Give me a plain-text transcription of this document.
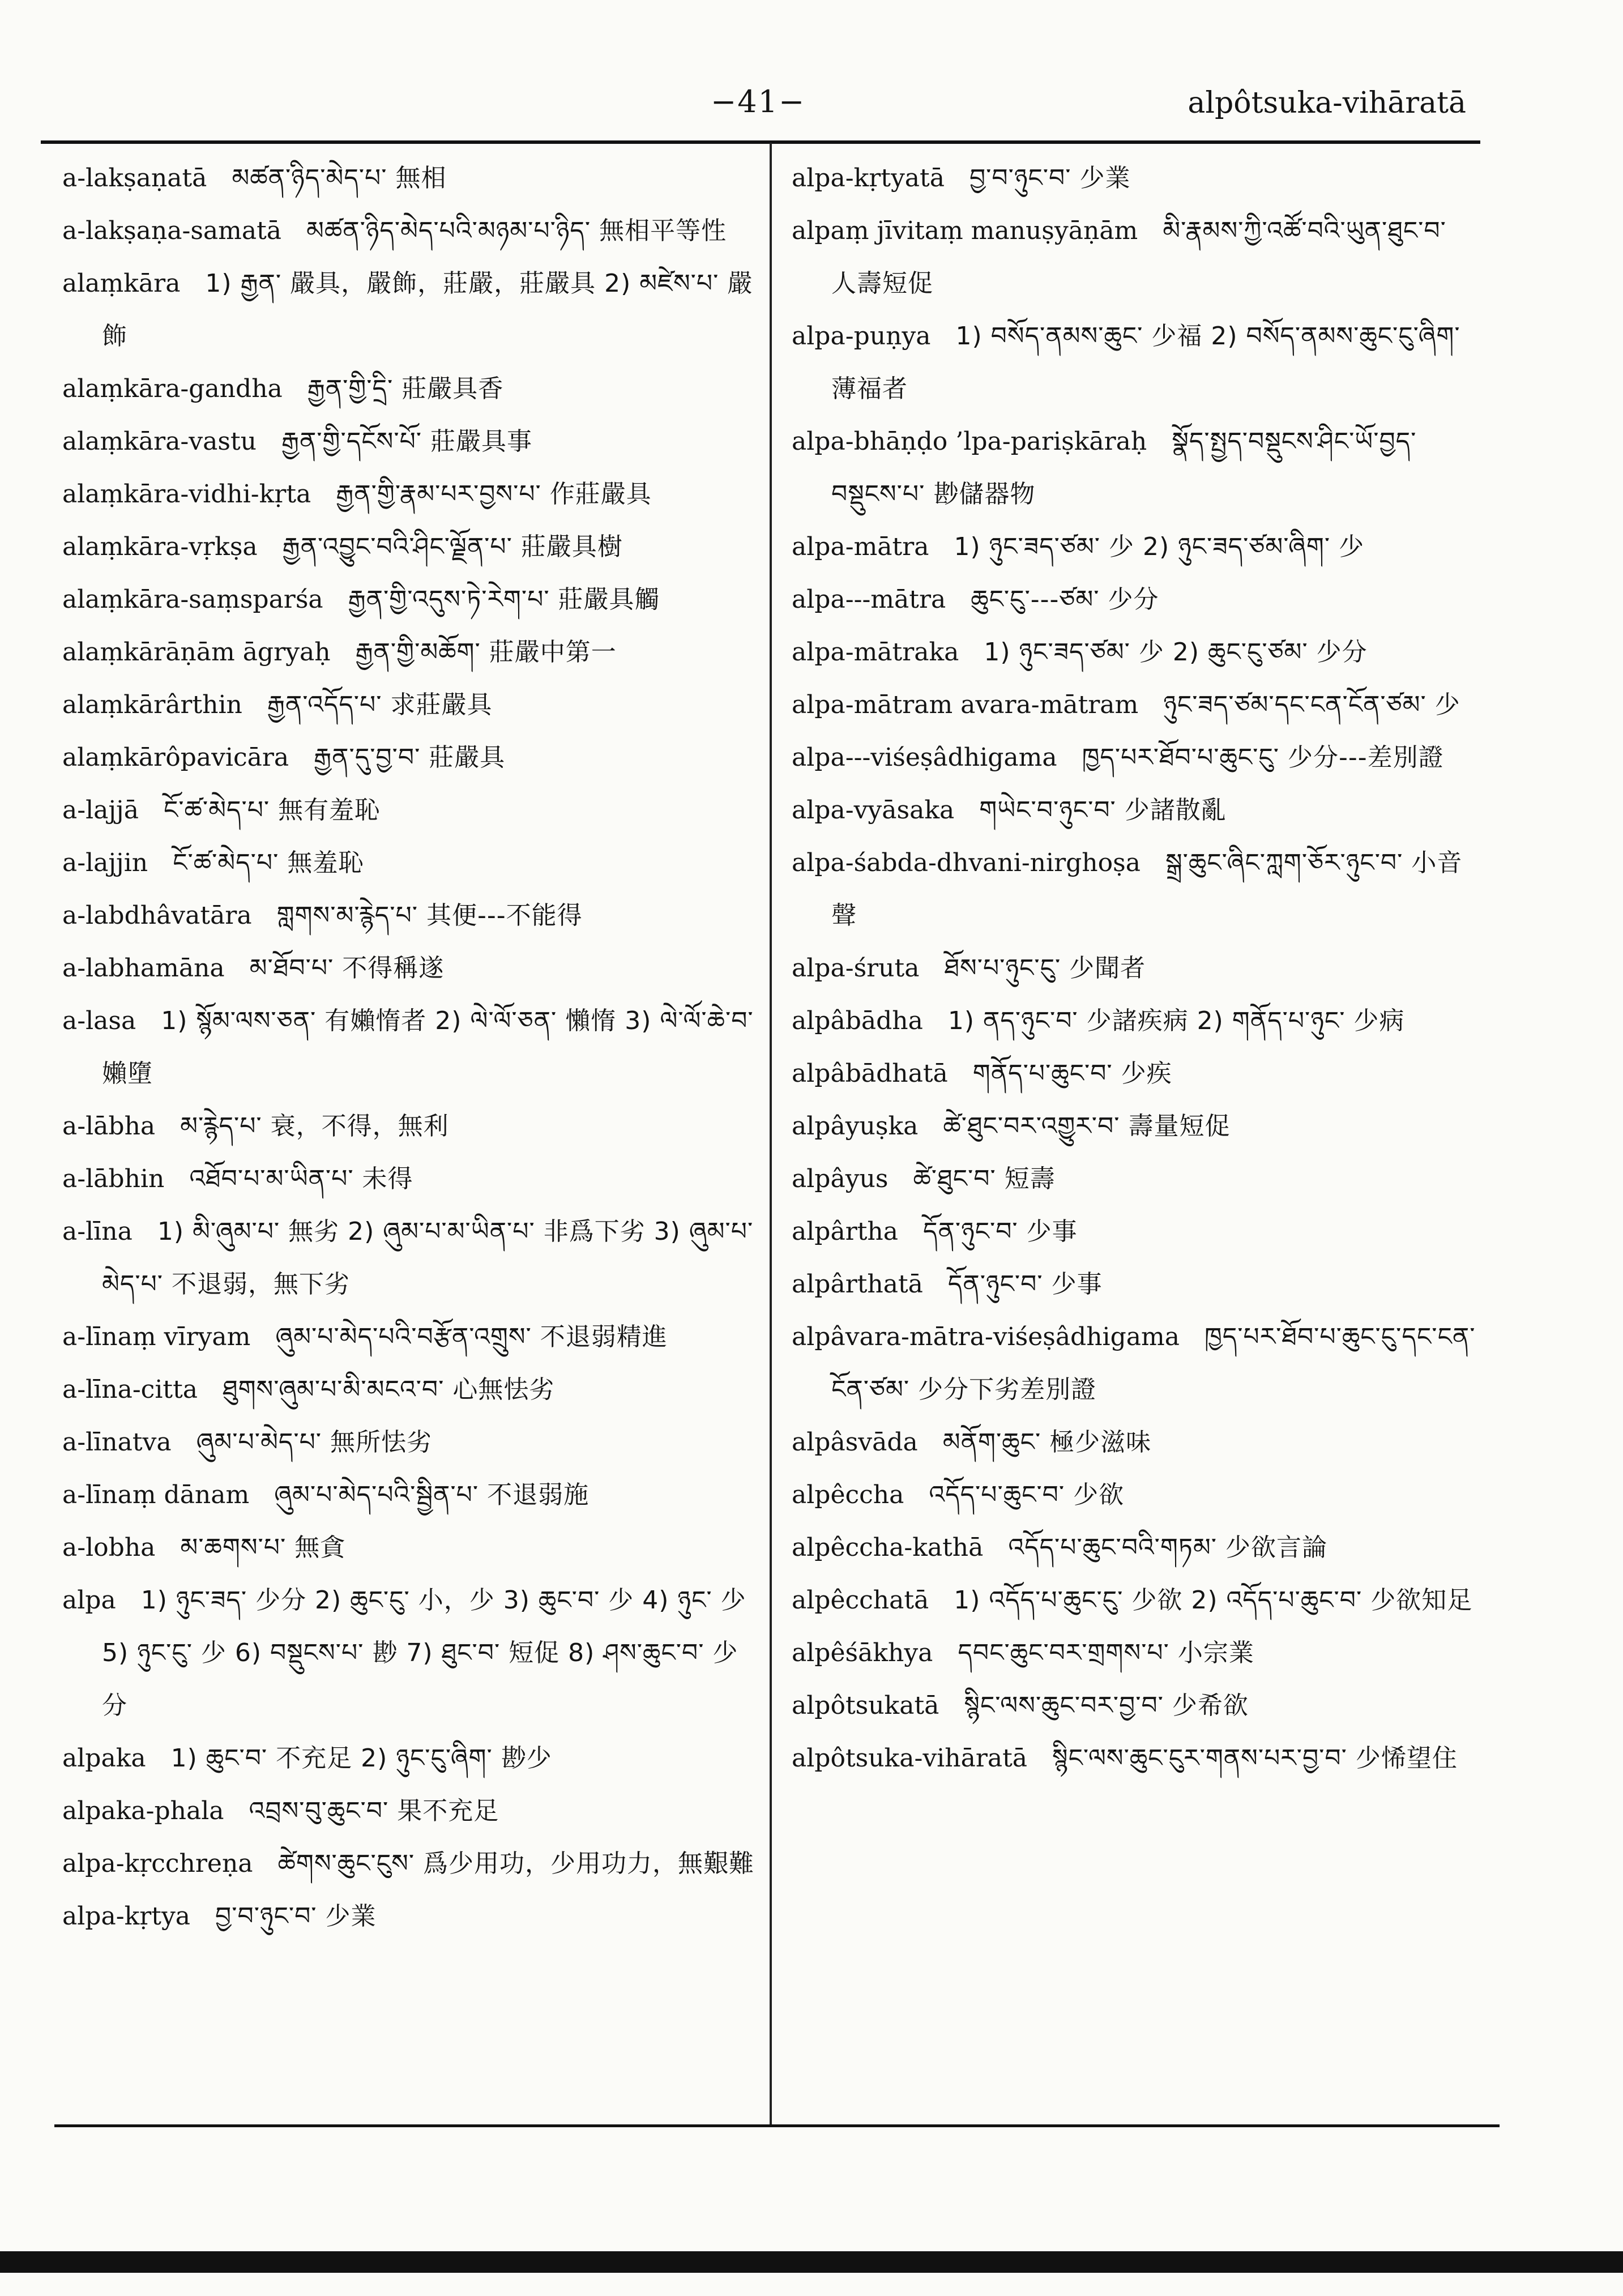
−41−	alpôtsuka-vihāratā
a-lakṣaṇatā  མཚན་ཉིད་མེད་པ་ 無相
a-lakṣaṇa-samatā  མཚན་ཉིད་མེད་པའི་མཉམ་པ་ཉིད་ 無相平等性
alaṃkāra  1) རྒྱན་ 嚴具，嚴飾，莊嚴，莊嚴具 2) མཛེས་པ་ 嚴飾
alaṃkāra-gandha  རྒྱན་གྱི་དྲི་ 莊嚴具香
alaṃkāra-vastu  རྒྱན་གྱི་དངོས་པོ་ 莊嚴具事
alaṃkāra-vidhi-kṛta  རྒྱན་གྱི་རྣམ་པར་བྱས་པ་ 作莊嚴具
alaṃkāra-vṛkṣa  རྒྱན་འབྱུང་བའི་ཤིང་ལྗོན་པ་ 莊嚴具樹
alaṃkāra-saṃsparśa  རྒྱན་གྱི་འདུས་ཏེ་རེག་པ་ 莊嚴具觸
alaṃkārāṇām āgryaḥ  རྒྱན་གྱི་མཆོག་ 莊嚴中第一
alaṃkārârthin  རྒྱན་འདོད་པ་ 求莊嚴具
alaṃkārôpavicāra  རྒྱན་དུ་བྱ་བ་ 莊嚴具
a-lajjā  ངོ་ཚ་མེད་པ་ 無有羞恥
a-lajjin  ངོ་ཚ་མེད་པ་ 無羞恥
a-labdhâvatāra  གླགས་མ་རྙེད་པ་ 其便---不能得
a-labhamāna  མ་ཐོབ་པ་ 不得稱遂
a-lasa  1) སྙོམ་ལས་ཅན་ 有嬾惰者 2) ལེ་ལོ་ཅན་ 懶惰 3) ལེ་ལོ་ཆེ་བ་ 嬾墮
a-lābha  མ་རྙེད་པ་ 衰，不得，無利
a-lābhin  འཐོབ་པ་མ་ཡིན་པ་ 未得
a-līna  1) མི་ཞུམ་པ་ 無劣 2) ཞུམ་པ་མ་ཡིན་པ་ 非爲下劣 3) ཞུམ་པ་མེད་པ་ 不退弱，無下劣
a-līnaṃ vīryam  ཞུམ་པ་མེད་པའི་བརྩོན་འགྲུས་ 不退弱精進
a-līna-citta  ཐུགས་ཞུམ་པ་མི་མངའ་བ་ 心無怯劣
a-līnatva  ཞུམ་པ་མེད་པ་ 無所怯劣
a-līnaṃ dānam  ཞུམ་པ་མེད་པའི་སྦྱིན་པ་ 不退弱施
a-lobha  མ་ཆགས་པ་ 無貪
alpa  1) ཉུང་ཟད་ 少分 2) ཆུང་ངུ་ 小，少 3) ཆུང་བ་ 少 4) ཉུང་ 少 5) ཉུང་ངུ་ 少 6) བསྡུངས་པ་ 尠 7) ཐུང་བ་ 短促 8) ཤས་ཆུང་བ་ 少分
alpaka  1) ཆུང་བ་ 不充足 2) ཉུང་ངུ་ཞིག་ 尠少
alpaka-phala  འབྲས་བུ་ཆུང་བ་ 果不充足
alpa-kṛcchreṇa  ཚེགས་ཆུང་ངུས་ 爲少用功，少用功力，無艱難
alpa-kṛtya  བྱ་བ་ཉུང་བ་ 少業
alpa-kṛtyatā  བྱ་བ་ཉུང་བ་ 少業
alpaṃ jīvitaṃ manuṣyāṇām  མི་རྣམས་ཀྱི་འཚོ་བའི་ཡུན་ཐུང་བ་ 人壽短促
alpa-puṇya  1) བསོད་ནམས་ཆུང་ 少福 2) བསོད་ནམས་ཆུང་ངུ་ཞིག་ 薄福者
alpa-bhāṇḍo ’lpa-pariṣkāraḥ  སྣོད་སྤྱད་བསྡུངས་ཤིང་ཡོ་བྱད་བསྡུངས་པ་ 尠儲器物
alpa-mātra  1) ཉུང་ཟད་ཙམ་ 少 2) ཉུང་ཟད་ཙམ་ཞིག་ 少
alpa---mātra  ཆུང་ངུ་---ཙམ་ 少分
alpa-mātraka  1) ཉུང་ཟད་ཙམ་ 少 2) ཆུང་ངུ་ཙམ་ 少分
alpa-mātram avara-mātram  ཉུང་ཟད་ཙམ་དང་ངན་ངོན་ཙམ་ 少
alpa---viśeṣâdhigama  ཁྱད་པར་ཐོབ་པ་ཆུང་ངུ་ 少分---差別證
alpa-vyāsaka  གཡེང་བ་ཉུང་བ་ 少諸散亂
alpa-śabda-dhvani-nirghoṣa  སྒྲ་ཆུང་ཞིང་ཀླག་ཅོར་ཉུང་བ་ 小音聲
alpa-śruta  ཐོས་པ་ཉུང་ངུ་ 少聞者
alpâbādha  1) ནད་ཉུང་བ་ 少諸疾病 2) གནོད་པ་ཉུང་ 少病
alpâbādhatā  གནོད་པ་ཆུང་བ་ 少疾
alpâyuṣka  ཚེ་ཐུང་བར་འགྱུར་བ་ 壽量短促
alpâyus  ཚེ་ཐུང་བ་ 短壽
alpârtha  དོན་ཉུང་བ་ 少事
alpârthatā  དོན་ཉུང་བ་ 少事
alpâvara-mātra-viśeṣâdhigama  ཁྱད་པར་ཐོབ་པ་ཆུང་ངུ་དང་ངན་ངོན་ཙམ་ 少分下劣差別證
alpâsvāda  མནོག་ཆུང་ 極少滋味
alpêccha  འདོད་པ་ཆུང་བ་ 少欲
alpêccha-kathā  འདོད་པ་ཆུང་བའི་གཏམ་ 少欲言論
alpêcchatā  1) འདོད་པ་ཆུང་ངུ་ 少欲 2) འདོད་པ་ཆུང་བ་ 少欲知足
alpêśākhya  དབང་ཆུང་བར་གྲགས་པ་ 小宗業
alpôtsukatā  སྙིང་ལས་ཆུང་བར་བྱ་བ་ 少希欲
alpôtsuka-vihāratā  སྙིང་ལས་ཆུང་ངུར་གནས་པར་བྱ་བ་ 少悕望住
